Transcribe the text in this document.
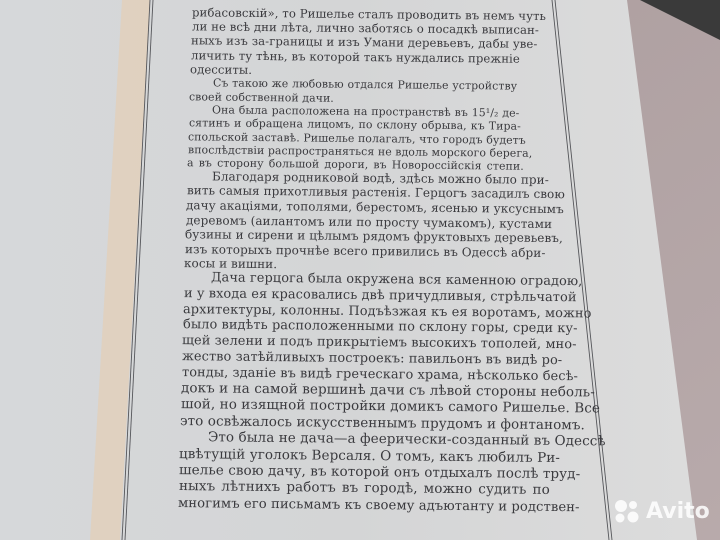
рибасовскій», то Ришелье сталъ проводить въ немъ чуть
ли не всѣ дни лѣта, лично заботясь о посадкѣ выписан-
ныхъ изъ за-границы и изъ Умани деревьевъ, дабы уве-
личить ту тѣнь, въ которой такъ нуждались прежніе
одесситы.
Съ такою же любовью отдался Ришелье устройству
своей собственной дачи.
Она была расположена на пространствѣ въ 15¹/₂ де-
сятинъ и обращена лицомъ, по склону обрыва, къ Тира-
спольской заставѣ. Ришелье полагалъ, что городъ будетъ
впослѣдствіи распространяться не вдоль морского берега,
а въ сторону большой дороги, въ Новороссійскія степи.
Благодаря родниковой водѣ, здѣсь можно было при-
вить самыя прихотливыя растенія. Герцогъ засадилъ свою
дачу акаціями, тополями, берестомъ, ясенью и уксуснымъ
деревомъ (аилантомъ или по просту чумакомъ), кустами
бузины и сирени и цѣлымъ рядомъ фруктовыхъ деревьевъ,
изъ которыхъ прочнѣе всего привились въ Одессѣ абри-
косы и вишни.
Дача герцога была окружена вся каменною оградою,
и у входа ея красовались двѣ причудливыя, стрѣльчатой
архитектуры, колонны. Подъѣзжая къ ея воротамъ, можно
было видѣть расположенными по склону горы, среди ку-
щей зелени и подъ прикрытіемъ высокихъ тополей, мно-
жество затѣйливыхъ построекъ: павильонъ въ видѣ ро-
тонды, зданіе въ видѣ греческаго храма, нѣсколько бесѣ-
докъ и на самой вершинѣ дачи съ лѣвой стороны неболь-
шой, но изящной постройки домикъ самого Ришелье. Все
это освѣжалось искусственнымъ прудомъ и фонтаномъ.
Это была не дача—а феерически-созданный въ Одессѣ
цвѣтущій уголокъ Версаля. О томъ, какъ любилъ Ри-
шелье свою дачу, въ которой онъ отдыхалъ послѣ труд-
ныхъ лѣтнихъ работъ въ городѣ, можно судить по
многимъ его письмамъ къ своему адъютанту и родствен-	Avito
